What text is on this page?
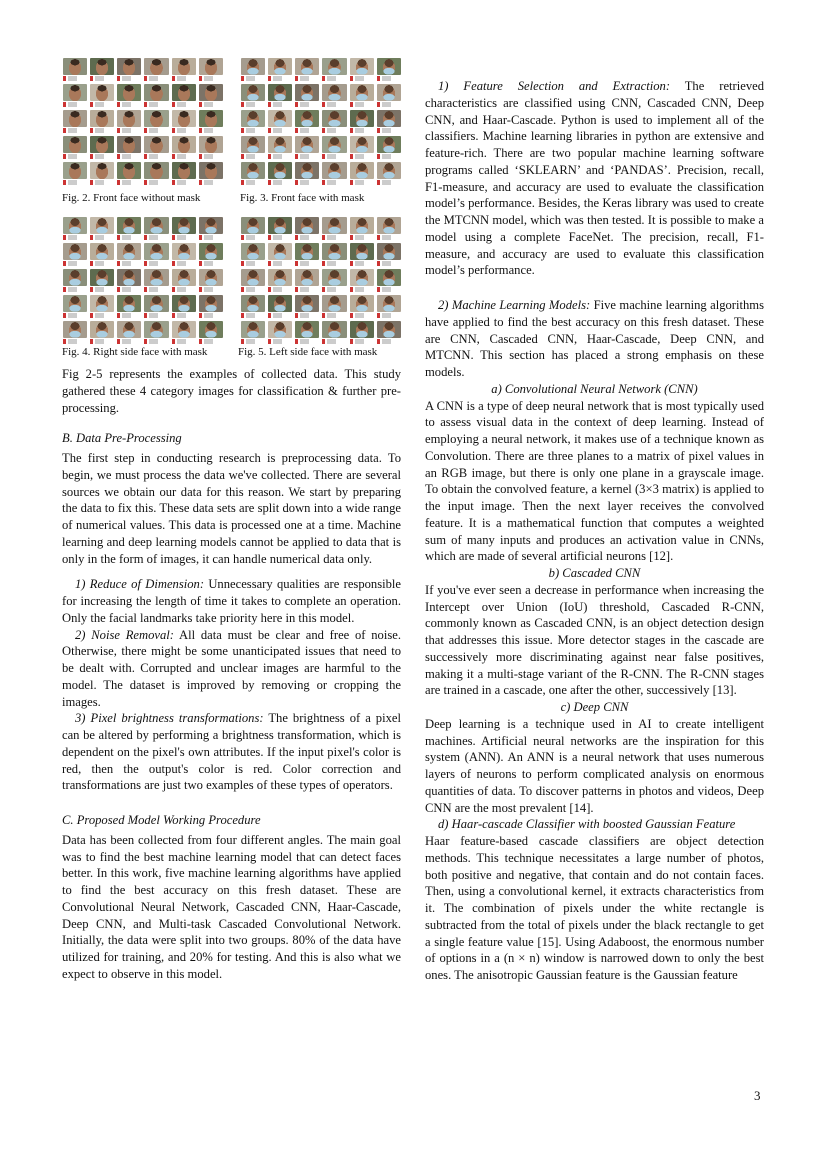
Fig. 2. Front face without mask	Fig. 3. Front face with mask
Fig. 4. Right side face with mask	Fig. 5. Left side face with mask

Fig 2-5 represents the examples of collected data. This study gathered these 4 category images for classification & further pre-processing.

B. Data Pre-Processing

The first step in conducting research is preprocessing data. To begin, we must process the data we've collected. There are several sources we obtain our data for this reason. We start by preparing the data to fix this. These data sets are split down into a wide range of numerical values. This data is processed one at a time. Machine learning and deep learning models cannot be applied to data that is only in the form of images, it can handle numerical data only.

1) Reduce of Dimension: Unnecessary qualities are responsible for increasing the length of time it takes to complete an operation. Only the facial landmarks take priority here in this model.

2) Noise Removal: All data must be clear and free of noise. Otherwise, there might be some unanticipated issues that need to be dealt with. Corrupted and unclear images are harmful to the model. The dataset is improved by removing or cropping the images.

3) Pixel brightness transformations: The brightness of a pixel can be altered by performing a brightness transformation, which is dependent on the pixel's own attributes. If the input pixel's color is red, then the output's color is red. Color correction and transformations are just two examples of these types of operators.

C. Proposed Model Working Procedure

Data has been collected from four different angles. The main goal was to find the best machine learning model that can detect faces better. In this work, five machine learning algorithms have applied to find the best accuracy on this fresh dataset. These are Convolutional Neural Network, Cascaded CNN, Haar-Cascade, Deep CNN, and Multi-task Cascaded Convolutional Network. Initially, the data were split into two groups. 80% of the data have utilized for training, and 20% for testing. And this is also what we expect to observe in this model.

1) Feature Selection and Extraction: The retrieved characteristics are classified using CNN, Cascaded CNN, Deep CNN, and Haar-Cascade. Python is used to implement all of the classifiers. Machine learning libraries in python are extensive and feature-rich. There are two popular machine learning software programs called ‘SKLEARN’ and ‘PANDAS’. Precision, recall, F1-measure, and accuracy are used to evaluate the classification model’s performance. Besides, the Keras library was used to create the MTCNN model, which was then tested. It is possible to make a model using a complete FaceNet. The precision, recall, F1-measure, and accuracy are used to evaluate this classification model’s performance.

2) Machine Learning Models: Five machine learning algorithms have applied to find the best accuracy on this fresh dataset. These are CNN, Cascaded CNN, Haar-Cascade, Deep CNN, and MTCNN. This section has placed a strong emphasis on these models.

a) Convolutional Neural Network (CNN)

A CNN is a type of deep neural network that is most typically used to assess visual data in the context of deep learning. Instead of employing a neural network, it makes use of a technique known as Convolution. There are three planes to a matrix of pixel values in an RGB image, but there is only one plane in a grayscale image. To obtain the convolved feature, a kernel (3×3 matrix) is applied to the input image. Then the next layer receives the convolved feature. It is a mathematical function that computes a weighted sum of many inputs and produces an activation value in CNNs, which are made of several artificial neurons [12].

b) Cascaded CNN

If you've ever seen a decrease in performance when increasing the Intercept over Union (IoU) threshold, Cascaded R-CNN, commonly known as Cascaded CNN, is an object detection design that addresses this issue. More detector stages in the cascade are successively more discriminating against near false positives, making it a multi-stage variant of the R-CNN. The R-CNN stages are trained in a cascade, one after the other, successively [13].

c) Deep CNN

Deep learning is a technique used in AI to create intelligent machines. Artificial neural networks are the inspiration for this system (ANN). An ANN is a neural network that uses numerous layers of neurons to perform complicated analysis on enormous quantities of data. To discover patterns in photos and videos, Deep CNN are the most prevalent [14].

d) Haar-cascade Classifier with boosted Gaussian Feature

Haar feature-based cascade classifiers are object detection methods. This technique necessitates a large number of photos, both positive and negative, that contain and do not contain faces. Then, using a convolutional kernel, it extracts characteristics from it. The combination of pixels under the white rectangle is subtracted from the total of pixels under the black rectangle to get a single feature value [15]. Using Adaboost, the enormous number of options in a (n × n) window is narrowed down to only the best ones. The anisotropic Gaussian feature is the Gaussian feature

3
